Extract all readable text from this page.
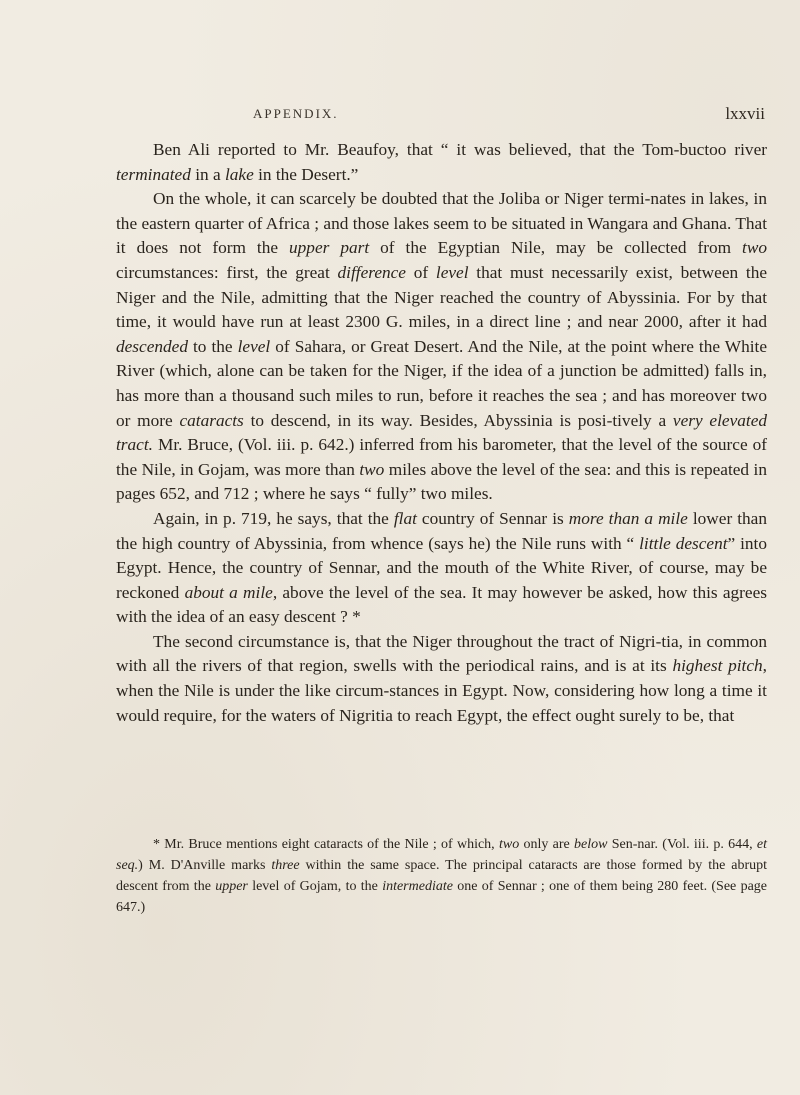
APPENDIX.	lxxvii

Ben Ali reported to Mr. Beaufoy, that “ it was believed, that the Tom-buctoo river terminated in a lake in the Desert.”

On the whole, it can scarcely be doubted that the Joliba or Niger termi-nates in lakes, in the eastern quarter of Africa ; and those lakes seem to be situated in Wangara and Ghana. That it does not form the upper part of the Egyptian Nile, may be collected from two circumstances: first, the great difference of level that must necessarily exist, between the Niger and the Nile, admitting that the Niger reached the country of Abyssinia. For by that time, it would have run at least 2300 G. miles, in a direct line ; and near 2000, after it had descended to the level of Sahara, or Great Desert. And the Nile, at the point where the White River (which, alone can be taken for the Niger, if the idea of a junction be admitted) falls in, has more than a thousand such miles to run, before it reaches the sea ; and has moreover two or more cataracts to descend, in its way. Besides, Abyssinia is posi-tively a very elevated tract. Mr. Bruce, (Vol. iii. p. 642.) inferred from his barometer, that the level of the source of the Nile, in Gojam, was more than two miles above the level of the sea: and this is repeated in pages 652, and 712 ; where he says “ fully” two miles.

Again, in p. 719, he says, that the flat country of Sennar is more than a mile lower than the high country of Abyssinia, from whence (says he) the Nile runs with “ little descent” into Egypt. Hence, the country of Sennar, and the mouth of the White River, of course, may be reckoned about a mile, above the level of the sea. It may however be asked, how this agrees with the idea of an easy descent ? *

The second circumstance is, that the Niger throughout the tract of Nigri-tia, in common with all the rivers of that region, swells with the periodical rains, and is at its highest pitch, when the Nile is under the like circum-stances in Egypt. Now, considering how long a time it would require, for the waters of Nigritia to reach Egypt, the effect ought surely to be, that

* Mr. Bruce mentions eight cataracts of the Nile ; of which, two only are below Sen-nar. (Vol. iii. p. 644, et seq.) M. D'Anville marks three within the same space. The principal cataracts are those formed by the abrupt descent from the upper level of Gojam, to the intermediate one of Sennar ; one of them being 280 feet. (See page 647.)
